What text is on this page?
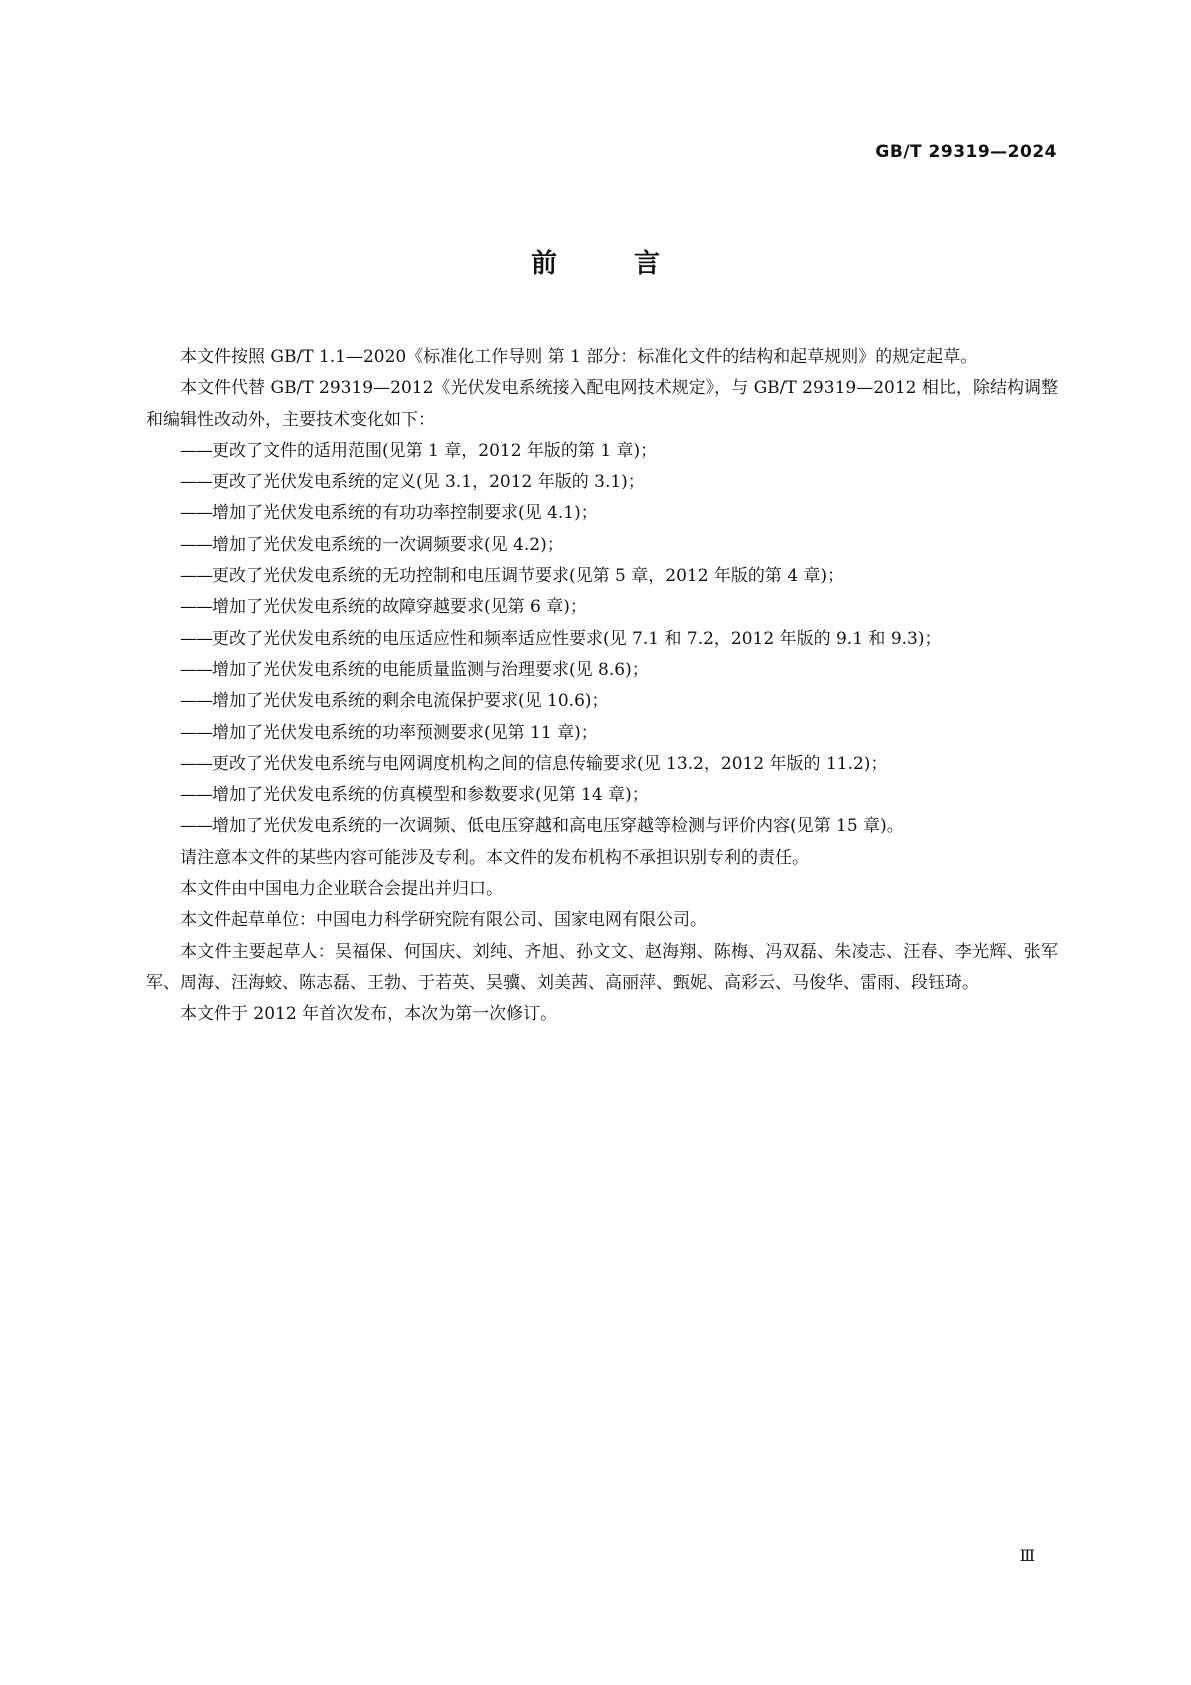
GB/T 29319—2024
前 言

本文件按照 GB/T 1.1—2020《标准化工作导则 第 1 部分：标准化文件的结构和起草规则》的规定起草。

本文件代替 GB/T 29319—2012《光伏发电系统接入配电网技术规定》，与 GB/T 29319—2012 相比，除结构调整和编辑性改动外，主要技术变化如下：

——更改了文件的适用范围(见第 1 章，2012 年版的第 1 章)；

——更改了光伏发电系统的定义(见 3.1，2012 年版的 3.1)；

——增加了光伏发电系统的有功功率控制要求(见 4.1)；

——增加了光伏发电系统的一次调频要求(见 4.2)；

——更改了光伏发电系统的无功控制和电压调节要求(见第 5 章，2012 年版的第 4 章)；

——增加了光伏发电系统的故障穿越要求(见第 6 章)；

——更改了光伏发电系统的电压适应性和频率适应性要求(见 7.1 和 7.2，2012 年版的 9.1 和 9.3)；

——增加了光伏发电系统的电能质量监测与治理要求(见 8.6)；

——增加了光伏发电系统的剩余电流保护要求(见 10.6)；

——增加了光伏发电系统的功率预测要求(见第 11 章)；

——更改了光伏发电系统与电网调度机构之间的信息传输要求(见 13.2，2012 年版的 11.2)；

——增加了光伏发电系统的仿真模型和参数要求(见第 14 章)；

——增加了光伏发电系统的一次调频、低电压穿越和高电压穿越等检测与评价内容(见第 15 章)。

请注意本文件的某些内容可能涉及专利。本文件的发布机构不承担识别专利的责任。

本文件由中国电力企业联合会提出并归口。

本文件起草单位：中国电力科学研究院有限公司、国家电网有限公司。

本文件主要起草人：吴福保、何国庆、刘纯、齐旭、孙文文、赵海翔、陈梅、冯双磊、朱凌志、汪春、李光辉、张军军、周海、汪海蛟、陈志磊、王勃、于若英、吴骥、刘美茜、高丽萍、甄妮、高彩云、马俊华、雷雨、段钰琦。

本文件于 2012 年首次发布，本次为第一次修订。

Ⅲ
